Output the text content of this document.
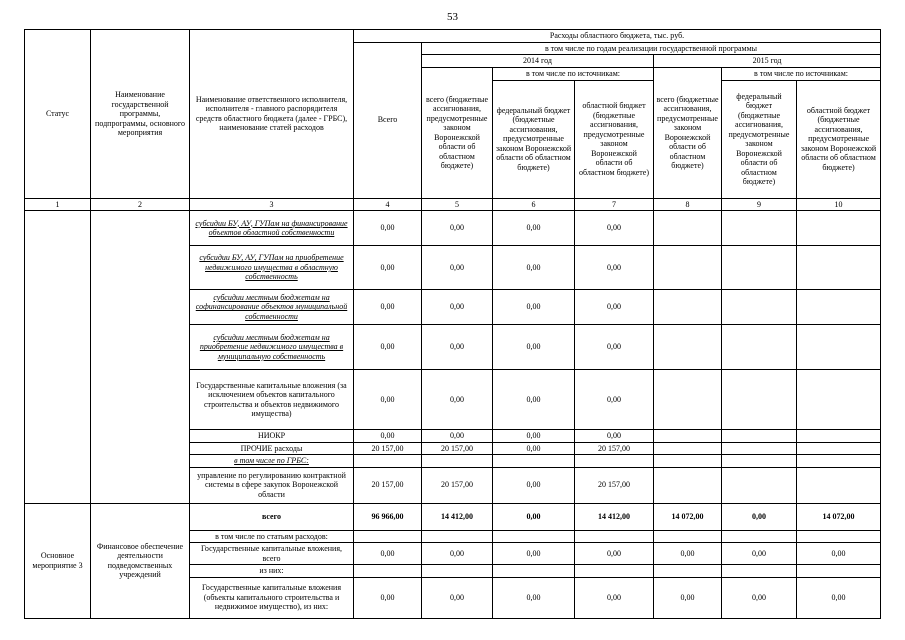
53
Статус	Наименование государственной программы, подпрограммы, основного мероприятия	Наименование ответственного исполнителя, исполнителя - главного распорядителя средств областного бюджета (далее - ГРБС), наименование статей расходов	Расходы областного бюджета, тыс. руб.						
			Всего	в том числе по годам реализации государственной программы					
				2014 год			2015 год		
				всего (бюджетные ассигнования, предусмотренные законом Воронежской области об областном бюджете)	в том числе по источникам:		всего (бюджетные ассигнования, предусмотренные законом Воронежской области об областном бюджете)	в том числе по источникам:	
					федеральный бюджет (бюджетные ассигнования, предусмотренные законом Воронежской области об областном бюджете)	областной бюджет (бюджетные ассигнования, предусмотренные законом Воронежской области об областном бюджете)		федеральный бюджет (бюджетные ассигнования, предусмотренные законом Воронежской области об областном бюджете)	областной бюджет (бюджетные ассигнования, предусмотренные законом Воронежской области об областном бюджете)
1	2	3	4	5	6	7	8	9	10
		субсидии БУ, АУ, ГУПам на финансирование объектов областной собственности	0,00	0,00	0,00	0,00			
		субсидии БУ, АУ, ГУПам на приобретение недвижимого имущества в областную собственность	0,00	0,00	0,00	0,00			
		субсидии местным бюджетам на софинансирование объектов муниципальной собственности	0,00	0,00	0,00	0,00			
		субсидии местным бюджетам на приобретение недвижимого имущества в муниципальную собственность	0,00	0,00	0,00	0,00			
		Государственные капитальные вложения (за исключением объектов капитального строительства и объектов недвижимого имущества)	0,00	0,00	0,00	0,00			
		НИОКР	0,00	0,00	0,00	0,00			
		ПРОЧИЕ расходы	20 157,00	20 157,00	0,00	20 157,00			
		в том числе по ГРБС:							
		управление по регулированию контрактной системы в сфере закупок Воронежской области	20 157,00	20 157,00	0,00	20 157,00			
Основное мероприятие 3	Финансовое обеспечение деятельности подведомственных учреждений	всего	96 966,00	14 412,00	0,00	14 412,00	14 072,00	0,00	14 072,00
		в том числе по статьям расходов:							
		Государственные капитальные вложения, всего	0,00	0,00	0,00	0,00	0,00	0,00	0,00
		из них:							
		Государственные капитальные вложения (объекты капитального строительства и недвижимое имущество), из них:	0,00	0,00	0,00	0,00	0,00	0,00	0,00
